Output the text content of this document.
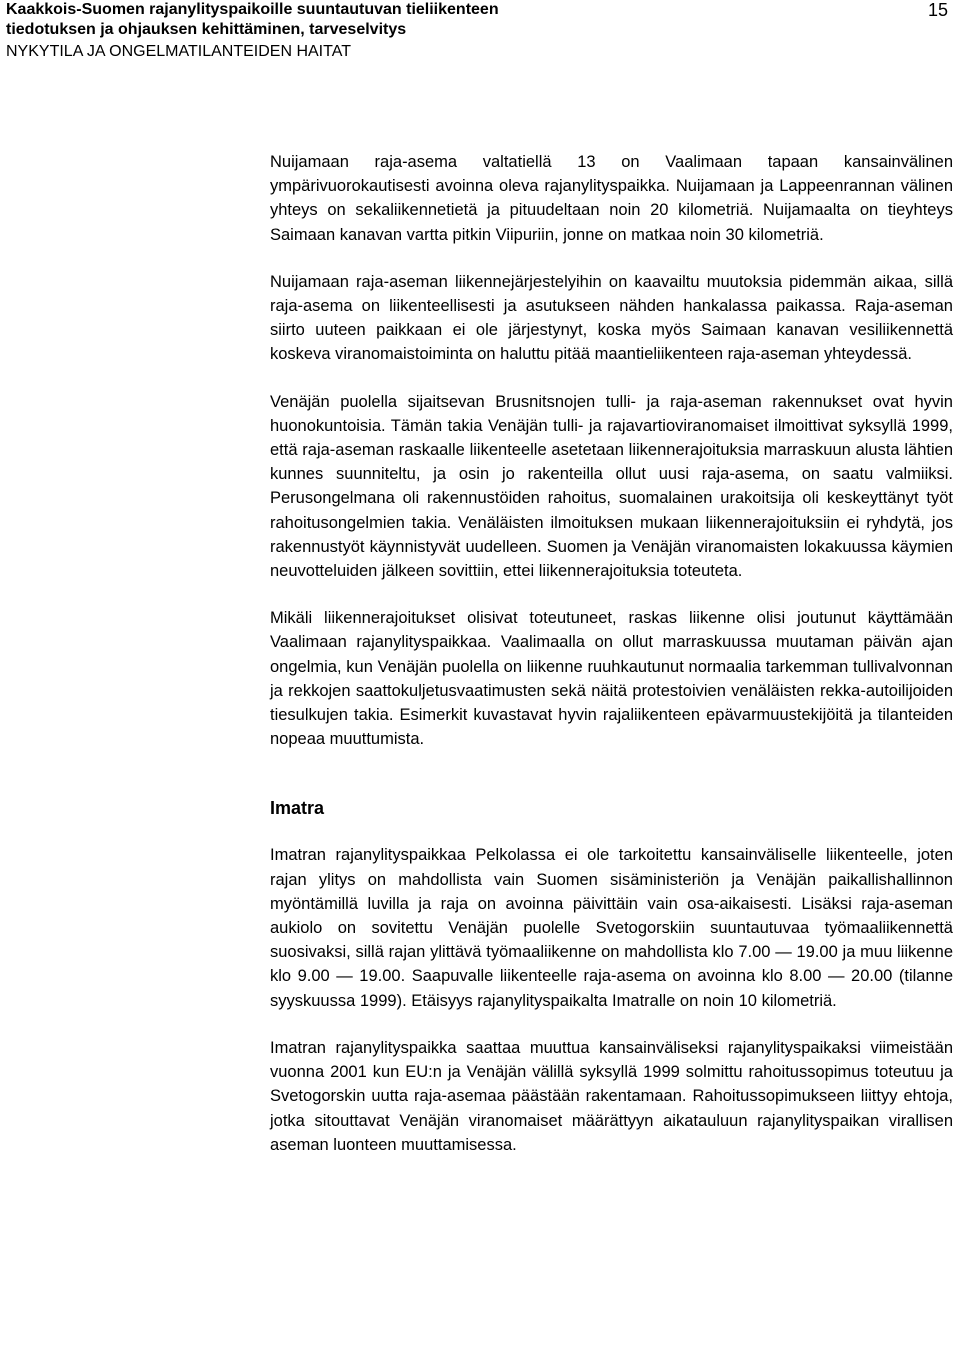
Kaakkois-Suomen rajanylityspaikoille suuntautuvan tieliikenteen
tiedotuksen ja ohjauksen kehittäminen, tarveselvitys
NYKYTILA JA ONGELMATILANTEIDEN HAITAT
15

Nuijamaan raja-asema valtatiellä 13 on Vaalimaan tapaan kansainvälinen ympärivuorokautisesti avoinna oleva rajanylityspaikka. Nuijamaan ja Lappeenrannan välinen yhteys on sekaliikennetietä ja pituudeltaan noin 20 kilometriä. Nuijamaalta on tieyhteys Saimaan kanavan vartta pitkin Viipuriin, jonne on matkaa noin 30 kilometriä.

Nuijamaan raja-aseman liikennejärjestelyihin on kaavailtu muutoksia pidemmän aikaa, sillä raja-asema on liikenteellisesti ja asutukseen nähden hankalassa paikassa. Raja-aseman siirto uuteen paikkaan ei ole järjestynyt, koska myös Saimaan kanavan vesiliikennettä koskeva viranomaistoiminta on haluttu pitää maantieliikenteen raja-aseman yhteydessä.

Venäjän puolella sijaitsevan Brusnitsnojen tulli- ja raja-aseman rakennukset ovat hyvin huonokuntoisia. Tämän takia Venäjän tulli- ja rajavartioviranomaiset ilmoittivat syksyllä 1999, että raja-aseman raskaalle liikenteelle asetetaan liikennerajoituksia marraskuun alusta lähtien kunnes suunniteltu, ja osin jo rakenteilla ollut uusi raja-asema, on saatu valmiiksi. Perusongelmana oli rakennustöiden rahoitus, suomalainen urakoitsija oli keskeyttänyt työt rahoitusongelmien takia. Venäläisten ilmoituksen mukaan liikennerajoituksiin ei ryhdytä, jos rakennustyöt käynnistyvät uudelleen. Suomen ja Venäjän viranomaisten lokakuussa käymien neuvotteluiden jälkeen sovittiin, ettei liikennerajoituksia toteuteta.

Mikäli liikennerajoitukset olisivat toteutuneet, raskas liikenne olisi joutunut käyttämään Vaalimaan rajanylityspaikkaa. Vaalimaalla on ollut marraskuussa muutaman päivän ajan ongelmia, kun Venäjän puolella on liikenne ruuhkautunut normaalia tarkemman tullivalvonnan ja rekkojen saattokuljetusvaatimusten sekä näitä protestoivien venäläisten rekka-autoilijoiden tiesulkujen takia. Esimerkit kuvastavat hyvin rajaliikenteen epävarmuustekijöitä ja tilanteiden nopeaa muuttumista.

Imatra

Imatran rajanylityspaikkaa Pelkolassa ei ole tarkoitettu kansainväliselle liikenteelle, joten rajan ylitys on mahdollista vain Suomen sisäministeriön ja Venäjän paikallishallinnon myöntämillä luvilla ja raja on avoinna päivittäin vain osa-aikaisesti. Lisäksi raja-aseman aukiolo on sovitettu Venäjän puolelle Svetogorskiin suuntautuvaa työmaaliikennettä suosivaksi, sillä rajan ylittävä työmaaliikenne on mahdollista klo 7.00 — 19.00 ja muu liikenne klo 9.00 — 19.00. Saapuvalle liikenteelle raja-asema on avoinna klo 8.00 — 20.00 (tilanne syyskuussa 1999). Etäisyys rajanylityspaikalta Imatralle on noin 10 kilometriä.

Imatran rajanylityspaikka saattaa muuttua kansainväliseksi rajanylityspaikaksi viimeistään vuonna 2001 kun EU:n ja Venäjän välillä syksyllä 1999 solmittu rahoitussopimus toteutuu ja Svetogorskin uutta raja-asemaa päästään rakentamaan. Rahoitussopimukseen liittyy ehtoja, jotka sitouttavat Venäjän viranomaiset määrättyyn aikatauluun rajanylityspaikan virallisen aseman luonteen muuttamisessa.
